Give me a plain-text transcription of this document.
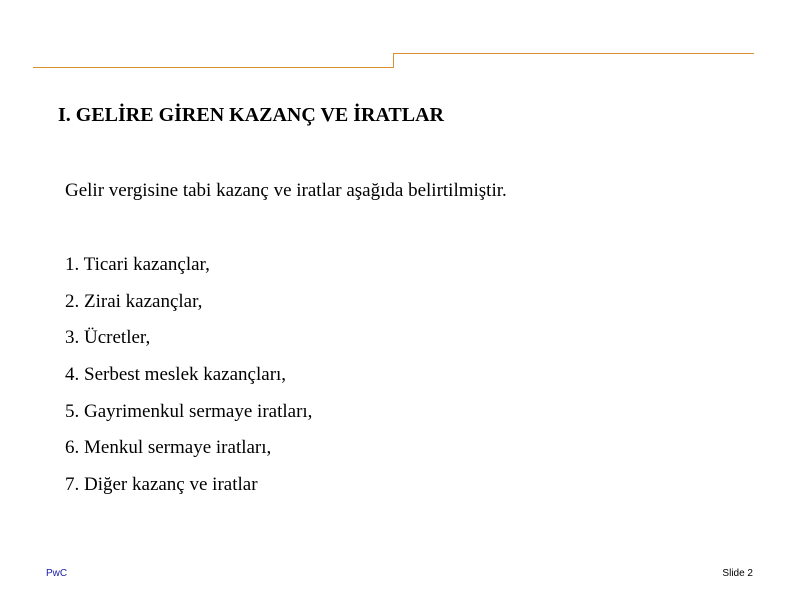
I. GELİRE GİREN KAZANÇ VE İRATLAR

Gelir vergisine tabi kazanç ve iratlar aşağıda belirtilmiştir.

1. Ticari kazançlar,
2. Zirai kazançlar,
3. Ücretler,
4. Serbest meslek kazançları,
5. Gayrimenkul sermaye iratları,
6. Menkul sermaye iratları,
7. Diğer kazanç ve iratlar
PwC	Slide 2
